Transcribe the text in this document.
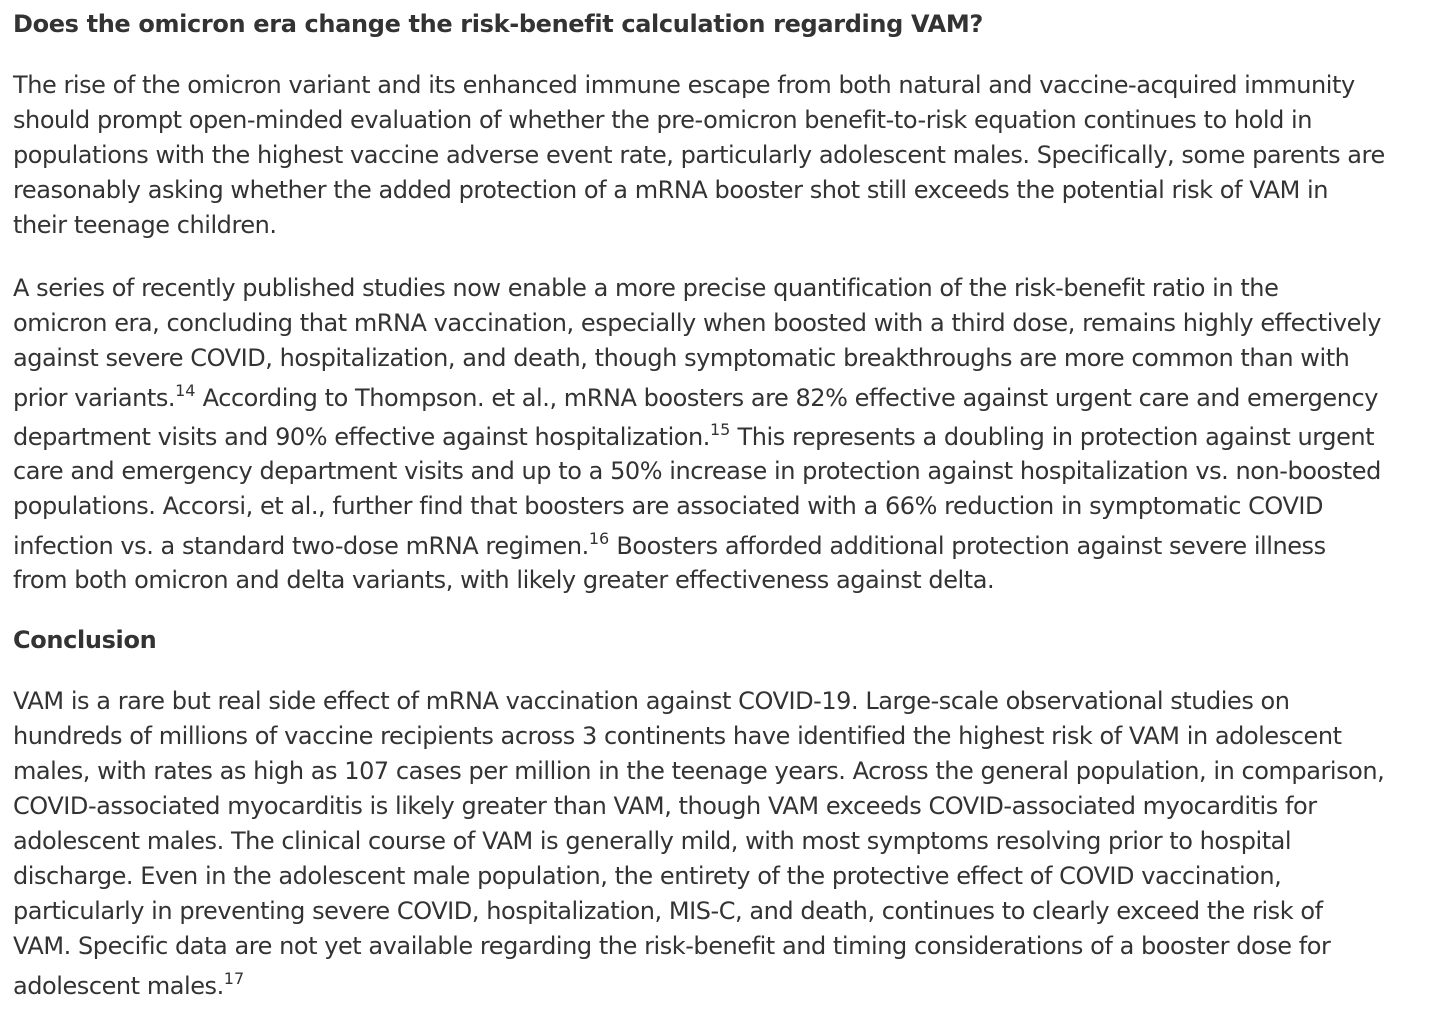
Does the omicron era change the risk-benefit calculation regarding VAM?
The rise of the omicron variant and its enhanced immune escape from both natural and vaccine-acquired immunity
should prompt open-minded evaluation of whether the pre-omicron benefit-to-risk equation continues to hold in
populations with the highest vaccine adverse event rate, particularly adolescent males. Specifically, some parents are
reasonably asking whether the added protection of a mRNA booster shot still exceeds the potential risk of VAM in
their teenage children.
A series of recently published studies now enable a more precise quantification of the risk-benefit ratio in the
omicron era, concluding that mRNA vaccination, especially when boosted with a third dose, remains highly effectively
against severe COVID, hospitalization, and death, though symptomatic breakthroughs are more common than with
prior variants.$^{14}$ According to Thompson. et al., mRNA boosters are 82% effective against urgent care and emergency
department visits and 90% effective against hospitalization.$^{15}$ This represents a doubling in protection against urgent
care and emergency department visits and up to a 50% increase in protection against hospitalization vs. non-boosted
populations. Accorsi, et al., further find that boosters are associated with a 66% reduction in symptomatic COVID
infection vs. a standard two-dose mRNA regimen.$^{16}$ Boosters afforded additional protection against severe illness
from both omicron and delta variants, with likely greater effectiveness against delta.
Conclusion
VAM is a rare but real side effect of mRNA vaccination against COVID-19. Large-scale observational studies on
hundreds of millions of vaccine recipients across 3 continents have identified the highest risk of VAM in adolescent
males, with rates as high as 107 cases per million in the teenage years. Across the general population, in comparison,
COVID-associated myocarditis is likely greater than VAM, though VAM exceeds COVID-associated myocarditis for
adolescent males. The clinical course of VAM is generally mild, with most symptoms resolving prior to hospital
discharge. Even in the adolescent male population, the entirety of the protective effect of COVID vaccination,
particularly in preventing severe COVID, hospitalization, MIS-C, and death, continues to clearly exceed the risk of
VAM. Specific data are not yet available regarding the risk-benefit and timing considerations of a booster dose for
adolescent males.$^{17}$
